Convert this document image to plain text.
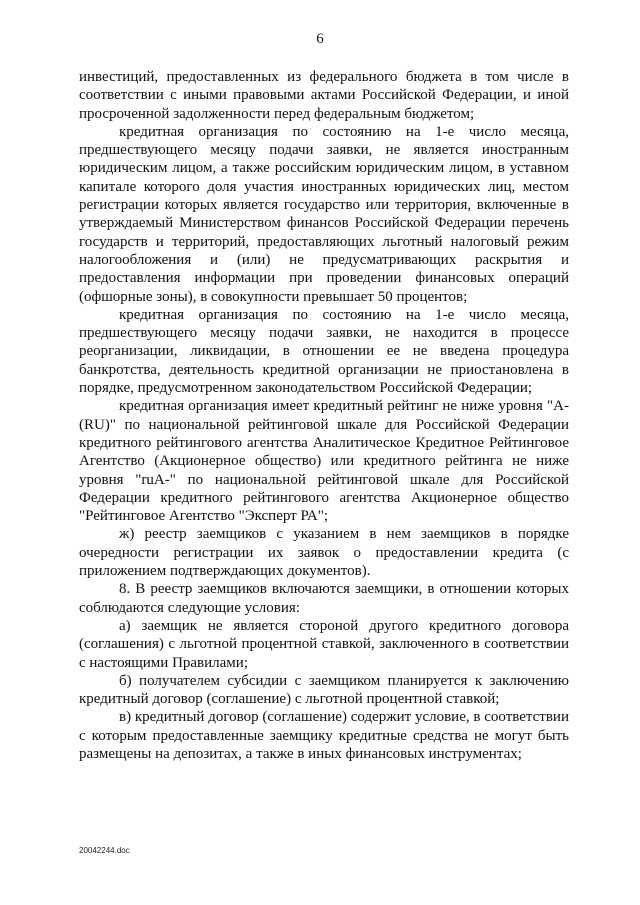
6

инвестиций, предоставленных из федерального бюджета в том числе в соответствии с иными правовыми актами Российской Федерации, и иной просроченной задолженности перед федеральным бюджетом;

кредитная организация по состоянию на 1-е число месяца, предшествующего месяцу подачи заявки, не является иностранным юридическим лицом, а также российским юридическим лицом, в уставном капитале которого доля участия иностранных юридических лиц, местом регистрации которых является государство или территория, включенные в утверждаемый Министерством финансов Российской Федерации перечень государств и территорий, предоставляющих льготный налоговый режим налогообложения и (или) не предусматривающих раскрытия и предоставления информации при проведении финансовых операций (офшорные зоны), в совокупности превышает 50 процентов;

кредитная организация по состоянию на 1-е число месяца, предшествующего месяцу подачи заявки, не находится в процессе реорганизации, ликвидации, в отношении ее не введена процедура банкротства, деятельность кредитной организации не приостановлена в порядке, предусмотренном законодательством Российской Федерации;

кредитная организация имеет кредитный рейтинг не ниже уровня "A-(RU)" по национальной рейтинговой шкале для Российской Федерации кредитного рейтингового агентства Аналитическое Кредитное Рейтинговое Агентство (Акционерное общество) или кредитного рейтинга не ниже уровня "ruA-" по национальной рейтинговой шкале для Российской Федерации кредитного рейтингового агентства Акционерное общество "Рейтинговое Агентство "Эксперт РА";

ж) реестр заемщиков с указанием в нем заемщиков в порядке очередности регистрации их заявок о предоставлении кредита (с приложением подтверждающих документов).

8. В реестр заемщиков включаются заемщики, в отношении которых соблюдаются следующие условия:

а) заемщик не является стороной другого кредитного договора (соглашения) с льготной процентной ставкой, заключенного в соответствии с настоящими Правилами;

б) получателем субсидии с заемщиком планируется к заключению кредитный договор (соглашение) с льготной процентной ставкой;

в) кредитный договор (соглашение) содержит условие, в соответствии с которым предоставленные заемщику кредитные средства не могут быть размещены на депозитах, а также в иных финансовых инструментах;

20042244.doc
